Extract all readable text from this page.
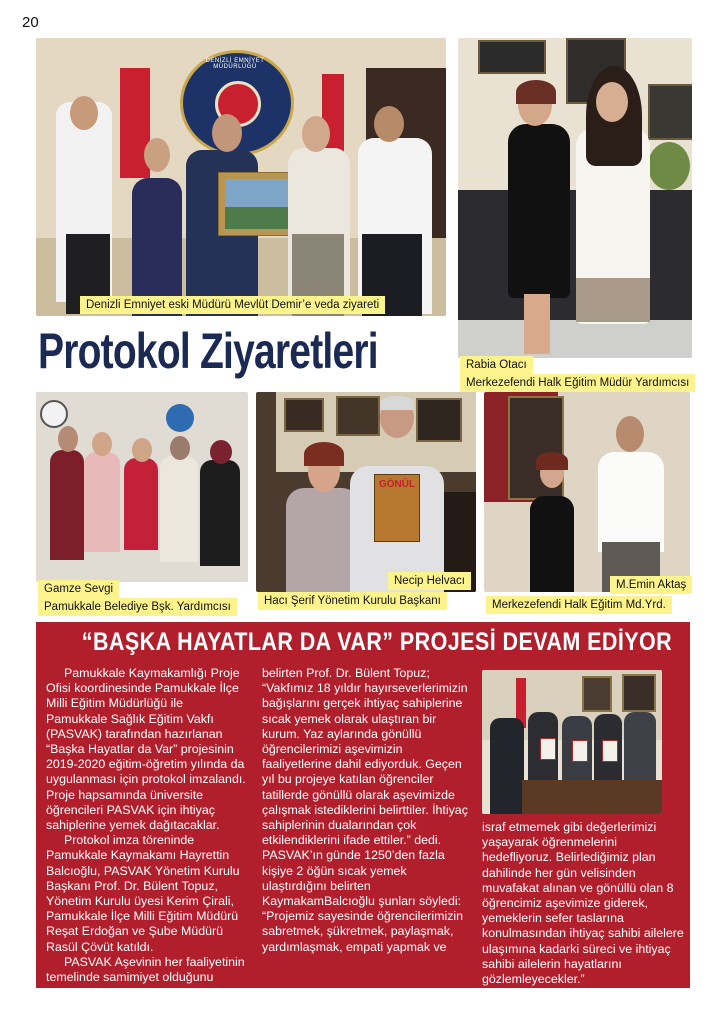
20
DENİZLİ EMNİYET MÜDÜRLÜĞÜ
Denizli Emniyet eski Müdürü Mevlüt Demir’e veda ziyareti
Rabia Otacı
Merkezefendi Halk Eğitim Müdür Yardımcısı
Protokol Ziyaretleri
Gamze Sevgi
Pamukkale Belediye Bşk. Yardımcısı
GÖNÜL
Necip Helvacı
Hacı Şerif Yönetim Kurulu Başkanı
M.Emin Aktaş
Merkezefendi Halk Eğitim Md.Yrd.
“BAŞKA HAYATLAR DA VAR” PROJESİ DEVAM EDİYOR

Pamukkale Kaymakamlığı Proje Ofisi koordinesinde Pamukkale İlçe Milli Eğitim Müdürlüğü ile Pamukkale Sağlık Eğitim Vakfı (PASVAK) tarafından hazırlanan “Başka Hayatlar da Var” projesinin 2019-2020 eğitim-öğretim yılında da uygulanması için protokol imzalandı. Proje hapsamında üniversite öğrencileri PASVAK için ihtiyaç sahiplerine yemek dağıtacaklar.

Protokol imza töreninde Pamukkale Kaymakamı Hayrettin Balcıoğlu, PASVAK Yönetim Kurulu Başkanı Prof. Dr. Bülent Topuz, Yönetim Kurulu üyesi Kerim Çirali, Pamukkale İlçe Milli Eğitim Müdürü Reşat Erdoğan ve Şube Müdürü Rasül Çövüt katıldı.

PASVAK Aşevinin her faaliyetinin temelinde samimiyet olduğunu

belirten Prof. Dr. Bülent Topuz; “Vakfımız 18 yıldır hayırseverlerimizin bağışlarını gerçek ihtiyaç sahiplerine sıcak yemek olarak ulaştıran bir kurum. Yaz aylarında gönüllü öğrencilerimizi aşevimizin faaliyetlerine dahil ediyorduk. Geçen yıl bu projeye katılan öğrenciler tatillerde gönüllü olarak aşevimizde çalışmak istediklerini belirttiler. İhtiyaç sahiplerinin dualarından çok etkilendiklerini ifade ettiler.” dedi. PASVAK’ın günde 1250’den fazla kişiye 2 öğün sıcak yemek ulaştırdığını belirten KaymakamBalcıoğlu şunları söyledi: “Projemiz sayesinde öğrencilerimizin sabretmek, şükretmek, paylaşmak, yardımlaşmak, empati yapmak ve

israf etmemek gibi değerlerimizi yaşayarak öğrenmelerini hedefliyoruz. Belirlediğimiz plan dahilinde her gün velisinden muvafakat alınan ve gönüllü olan 8 öğrencimiz aşevimize giderek, yemeklerin sefer taslarına konulmasından ihtiyaç sahibi ailelere ulaşımına kadarki süreci ve ihtiyaç sahibi ailelerin hayatlarını gözlemleyecekler.”
